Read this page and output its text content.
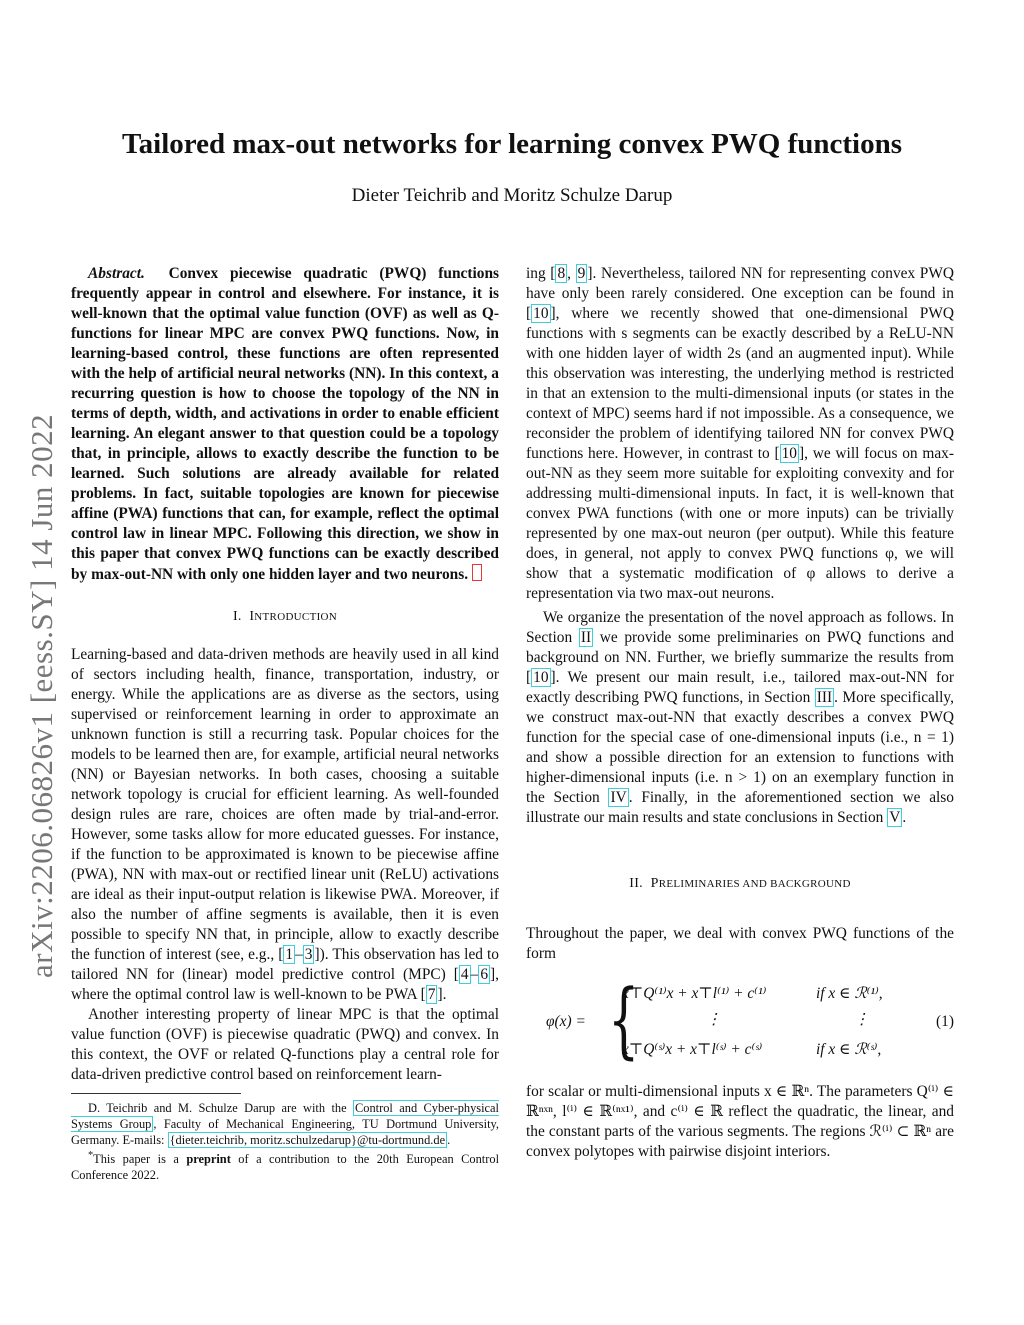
Tailored max-out networks for learning convex PWQ functions
Dieter Teichrib and Moritz Schulze Darup
arXiv:2206.06826v1 [eess.SY] 14 Jun 2022

Abstract. Convex piecewise quadratic (PWQ) functions frequently appear in control and elsewhere. For instance, it is well-known that the optimal value function (OVF) as well as Q-functions for linear MPC are convex PWQ functions. Now, in learning-based control, these functions are often represented with the help of artificial neural networks (NN). In this context, a recurring question is how to choose the topology of the NN in terms of depth, width, and activations in order to enable efficient learning. An elegant answer to that question could be a topology that, in principle, allows to exactly describe the function to be learned. Such solutions are already available for related problems. In fact, suitable topologies are known for piecewise affine (PWA) functions that can, for example, reflect the optimal control law in linear MPC. Following this direction, we show in this paper that convex PWQ functions can be exactly described by max-out-NN with only one hidden layer and two neurons.

I. INTRODUCTION

Learning-based and data-driven methods are heavily used in all kind of sectors including health, finance, transportation, industry, or energy. While the applications are as diverse as the sectors, using supervised or reinforcement learning in order to approximate an unknown function is still a recurring task. Popular choices for the models to be learned then are, for example, artificial neural networks (NN) or Bayesian networks. In both cases, choosing a suitable network topology is crucial for efficient learning. As well-founded design rules are rare, choices are often made by trial-and-error. However, some tasks allow for more educated guesses. For instance, if the function to be approximated is known to be piecewise affine (PWA), NN with max-out or rectified linear unit (ReLU) activations are ideal as their input-output relation is likewise PWA. Moreover, if also the number of affine segments is available, then it is even possible to specify NN that, in principle, allow to exactly describe the function of interest (see, e.g., [ 1 – 3 ]). This observation has led to tailored NN for (linear) model predictive control (MPC) [ 4 – 6 ], where the optimal control law is well-known to be PWA [ 7 ].

Another interesting property of linear MPC is that the optimal value function (OVF) is piecewise quadratic (PWQ) and convex. In this context, the OVF or related Q-functions play a central role for data-driven predictive control based on reinforcement learn-

D. Teichrib and M. Schulze Darup are with the Control and Cyber-physical Systems Group , Faculty of Mechanical Engineering, TU Dortmund University, Germany. E-mails: {dieter.teichrib, moritz.schulzedarup}@tu-dortmund.de .

*This paper is a preprint of a contribution to the 20th European Control Conference 2022.

ing [ 8 , 9 ]. Nevertheless, tailored NN for representing convex PWQ have only been rarely considered. One exception can be found in [ 10 ], where we recently showed that one-dimensional PWQ functions with s segments can be exactly described by a ReLU-NN with one hidden layer of width 2s (and an augmented input). While this observation was interesting, the underlying method is restricted in that an extension to the multi-dimensional inputs (or states in the context of MPC) seems hard if not impossible. As a consequence, we reconsider the problem of identifying tailored NN for convex PWQ functions here. However, in contrast to [ 10 ], we will focus on max-out-NN as they seem more suitable for exploiting convexity and for addressing multi-dimensional inputs. In fact, it is well-known that convex PWA functions (with one or more inputs) can be trivially represented by one max-out neuron (per output). While this feature does, in general, not apply to convex PWQ functions φ, we will show that a systematic modification of φ allows to derive a representation via two max-out neurons.

We organize the presentation of the novel approach as follows. In Section II we provide some preliminaries on PWQ functions and background on NN. Further, we briefly summarize the results from [ 10 ]. We present our main result, i.e., tailored max-out-NN for exactly describing PWQ functions, in Section III . More specifically, we construct max-out-NN that exactly describes a convex PWQ function for the special case of one-dimensional inputs (i.e., n = 1) and show a possible direction for an extension to functions with higher-dimensional inputs (i.e. n > 1) on an exemplary function in the Section IV . Finally, in the aforementioned section we also illustrate our main results and state conclusions in Section V .

II. PRELIMINARIES AND BACKGROUND

Throughout the paper, we deal with convex PWQ functions of the form

φ(x) = {
x⊤Q⁽¹⁾x + x⊤l⁽¹⁾ + c⁽¹⁾	if x ∈ ℛ⁽¹⁾,
⋮	⋮
x⊤Q⁽ˢ⁾x + x⊤l⁽ˢ⁾ + c⁽ˢ⁾	if x ∈ ℛ⁽ˢ⁾,
(1)

for scalar or multi-dimensional inputs x ∈ ℝⁿ. The parameters Q⁽ⁱ⁾ ∈ ℝⁿˣⁿ, l⁽ⁱ⁾ ∈ ℝ⁽ⁿˣ¹⁾, and c⁽ⁱ⁾ ∈ ℝ reflect the quadratic, the linear, and the constant parts of the various segments. The regions ℛ⁽ⁱ⁾ ⊂ ℝⁿ are convex polytopes with pairwise disjoint interiors.
